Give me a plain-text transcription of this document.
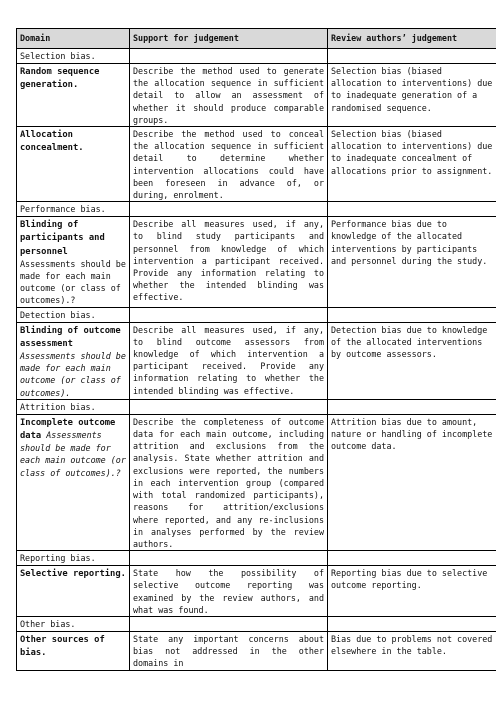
Domain	Support for judgement	Review authors’ judgement
Selection bias.		
Random sequence generation.	Describe the method used to generate the allocation sequence in sufficient detail to allow an assessment of whether it should produce comparable groups.	Selection bias (biased allocation to interventions) due to inadequate generation of a randomised sequence.
Allocation concealment.	Describe the method used to conceal the allocation sequence in sufficient detail to determine whether intervention allocations could have been foreseen in advance of, or during, enrolment.	Selection bias (biased allocation to interventions) due to inadequate concealment of allocations prior to assignment.
Performance bias.		
Blinding of participants and personnel Assessments should be made for each main outcome (or class of outcomes).?	Describe all measures used, if any, to blind study participants and personnel from knowledge of which intervention a participant received. Provide any information relating to whether the intended blinding was effective.	Performance bias due to knowledge of the allocated interventions by participants and personnel during the study.
Detection bias.		
Blinding of outcome assessment Assessments should be made for each main outcome (or class of outcomes).	Describe all measures used, if any, to blind outcome assessors from knowledge of which intervention a participant received. Provide any information relating to whether the intended blinding was effective.	Detection bias due to knowledge of the allocated interventions by outcome assessors.
Attrition bias.		
Incomplete outcome data Assessments should be made for each main outcome (or class of outcomes).?	Describe the completeness of outcome data for each main outcome, including attrition and exclusions from the analysis. State whether attrition and exclusions were reported, the numbers in each intervention group (compared with total randomized participants), reasons for attrition/exclusions where reported, and any re-inclusions in analyses performed by the review authors.	Attrition bias due to amount, nature or handling of incomplete outcome data.
Reporting bias.		
Selective reporting.	State how the possibility of selective outcome reporting was examined by the review authors, and what was found.	Reporting bias due to selective outcome reporting.
Other bias.		
Other sources of bias.	State any important concerns about bias not addressed in the other domains in	Bias due to problems not covered elsewhere in the table.
